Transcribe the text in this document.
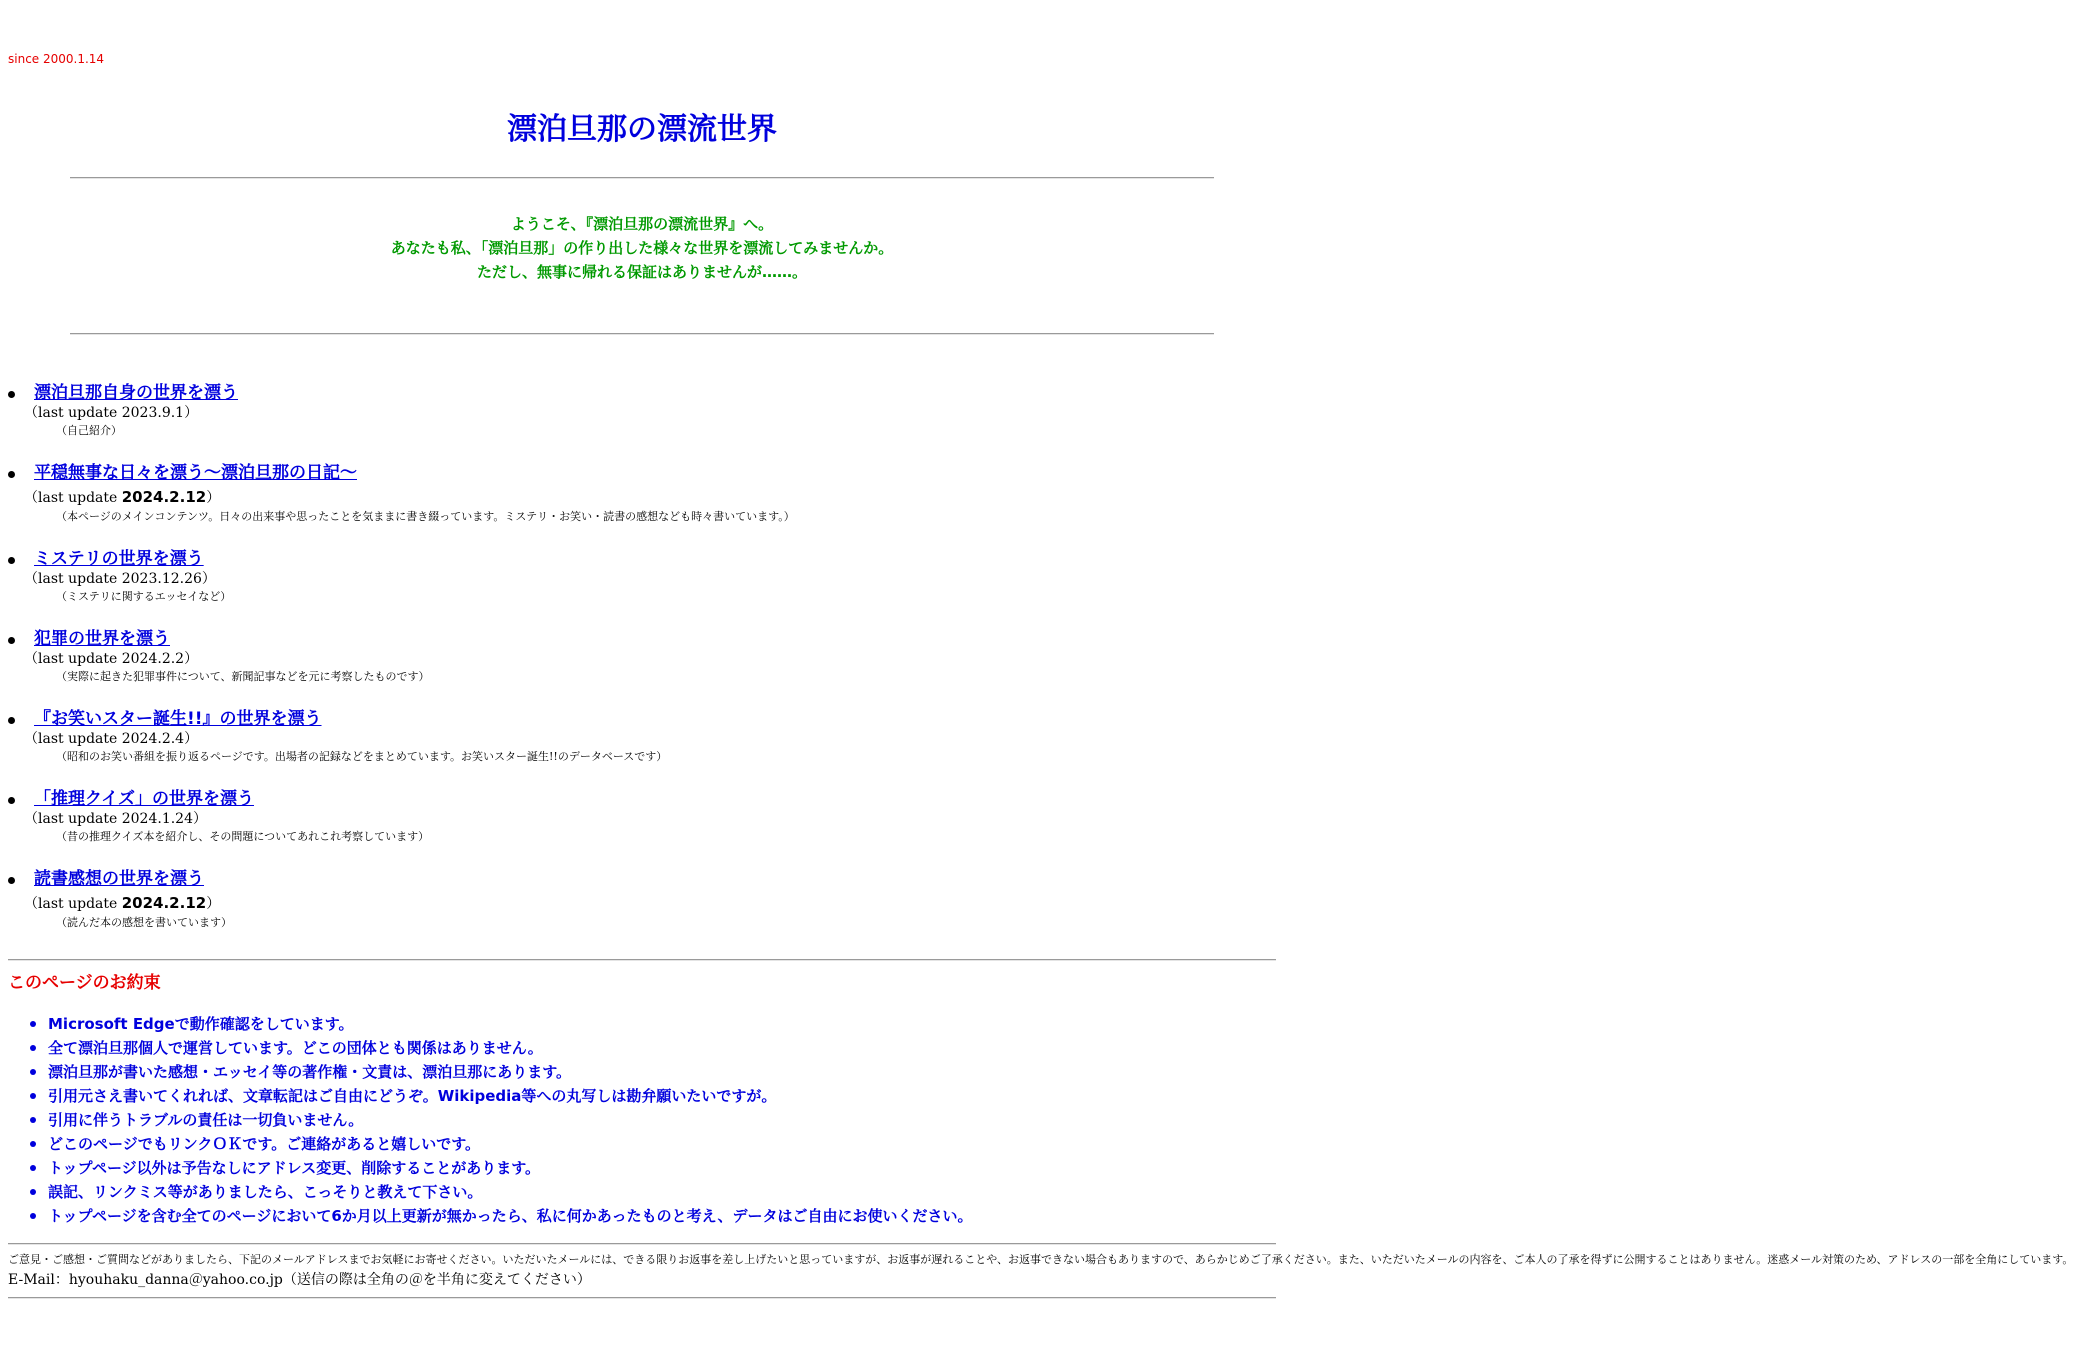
since 2000.1.14
漂泊旦那の漂流世界
ようこそ、『漂泊旦那の漂流世界』へ。
あなたも私、「漂泊旦那」の作り出した様々な世界を漂流してみませんか。
ただし、無事に帰れる保証はありませんが……。
漂泊旦那自身の世界を漂う
（last update 2023.9.1）
（自己紹介）
平穏無事な日々を漂う～漂泊旦那の日記～
（last update 2024.2.12）
（本ページのメインコンテンツ。日々の出来事や思ったことを気ままに書き綴っています。ミステリ・お笑い・読書の感想なども時々書いています。）
ミステリの世界を漂う
（last update 2023.12.26）
（ミステリに関するエッセイなど）
犯罪の世界を漂う
（last update 2024.2.2）
（実際に起きた犯罪事件について、新聞記事などを元に考察したものです）
『お笑いスター誕生!!』の世界を漂う
（last update 2024.2.4）
（昭和のお笑い番組を振り返るページです。出場者の記録などをまとめています。お笑いスター誕生!!のデータベースです）
「推理クイズ」の世界を漂う
（last update 2024.1.24）
（昔の推理クイズ本を紹介し、その問題についてあれこれ考察しています）
読書感想の世界を漂う
（last update 2024.2.12）
（読んだ本の感想を書いています）
このページのお約束
Microsoft Edgeで動作確認をしています。
全て漂泊旦那個人で運営しています。どこの団体とも関係はありません。
漂泊旦那が書いた感想・エッセイ等の著作権・文責は、漂泊旦那にあります。
引用元さえ書いてくれれば、文章転記はご自由にどうぞ。Wikipedia等への丸写しは勘弁願いたいですが。
引用に伴うトラブルの責任は一切負いません。
どこのページでもリンクＯＫです。ご連絡があると嬉しいです。
トップページ以外は予告なしにアドレス変更、削除することがあります。
誤記、リンクミス等がありましたら、こっそりと教えて下さい。
トップページを含む全てのページにおいて6か月以上更新が無かったら、私に何かあったものと考え、データはご自由にお使いください。
ご意見・ご感想・ご質問などがありましたら、下記のメールアドレスまでお気軽にお寄せください。いただいたメールには、できる限りお返事を差し上げたいと思っていますが、お返事が遅れることや、お返事できない場合もありますので、あらかじめご了承ください。また、いただいたメールの内容を、ご本人の了承を得ずに公開することはありません。迷惑メール対策のため、アドレスの一部を全角にしています。
E-Mail：hyouhaku_danna＠yahoo.co.jp（送信の際は全角の＠を半角に変えてください）
